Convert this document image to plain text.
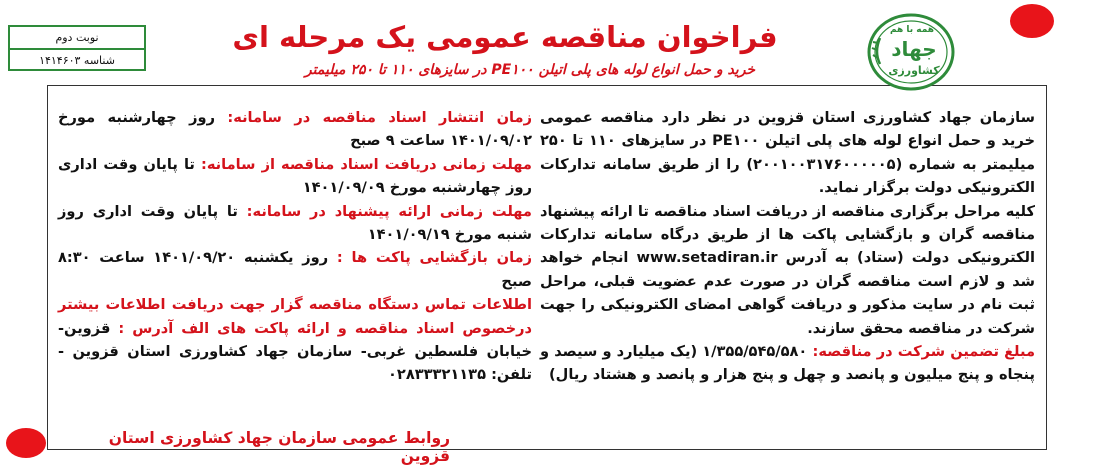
همه با هم
جهاد
کشاورزی
نوبت دوم
شناسه ۱۴۱۴۶۰۳
فراخوان مناقصه عمومی یک مرحله ای
خرید و حمل انواع لوله های پلی اتیلن PE۱۰۰ در سایزهای ۱۱۰ تا ۲۵۰ میلیمتر
سازمان جهاد کشاورزی استان قزوین در نظر دارد مناقصه عمومی خرید و حمل انواع لوله های پلی اتیلن PE۱۰۰ در سایزهای ۱۱۰ تا ۲۵۰ میلیمتر به شماره (۲۰۰۱۰۰۳۱۷۶۰۰۰۰۰۵) را از طریق سامانه تدارکات الکترونیکی دولت برگزار نماید.
کلیه مراحل برگزاری مناقصه از دریافت اسناد مناقصه تا ارائه پیشنهاد مناقصه گران و بازگشایی پاکت ها از طریق درگاه سامانه تدارکات الکترونیکی دولت (ستاد) به آدرس www.setadiran.ir انجام خواهد شد و لازم است مناقصه گران در صورت عدم عضویت قبلی، مراحل ثبت نام در سایت مذکور و دریافت گواهی امضای الکترونیکی را جهت شرکت در مناقصه محقق سازند.
مبلغ تضمین شرکت در مناقصه: ۱/۳۵۵/۵۴۵/۵۸۰ (یک میلیارد و سیصد و پنجاه و پنج میلیون و پانصد و چهل و پنج هزار و پانصد و هشتاد ریال)
زمان انتشار اسناد مناقصه در سامانه: روز چهارشنبه مورخ ۱۴۰۱/۰۹/۰۲ ساعت ۹ صبح
مهلت زمانی دریافت اسناد مناقصه از سامانه: تا پایان وقت اداری روز چهارشنبه مورخ ۱۴۰۱/۰۹/۰۹
مهلت زمانی ارائه پیشنهاد در سامانه: تا پایان وقت اداری روز شنبه مورخ ۱۴۰۱/۰۹/۱۹
زمان بازگشایی پاکت ها : روز یکشنبه ۱۴۰۱/۰۹/۲۰ ساعت ۸:۳۰ صبح
اطلاعات تماس دستگاه مناقصه گزار جهت دریافت اطلاعات بیشتر درخصوص اسناد مناقصه و ارائه پاکت های الف آدرس : قزوین- خیابان فلسطین غربی- سازمان جهاد کشاورزی استان قزوین - تلفن: ۰۲۸۳۳۳۲۱۱۳۵
روابط عمومی سازمان جهاد کشاورزی استان قزوین
